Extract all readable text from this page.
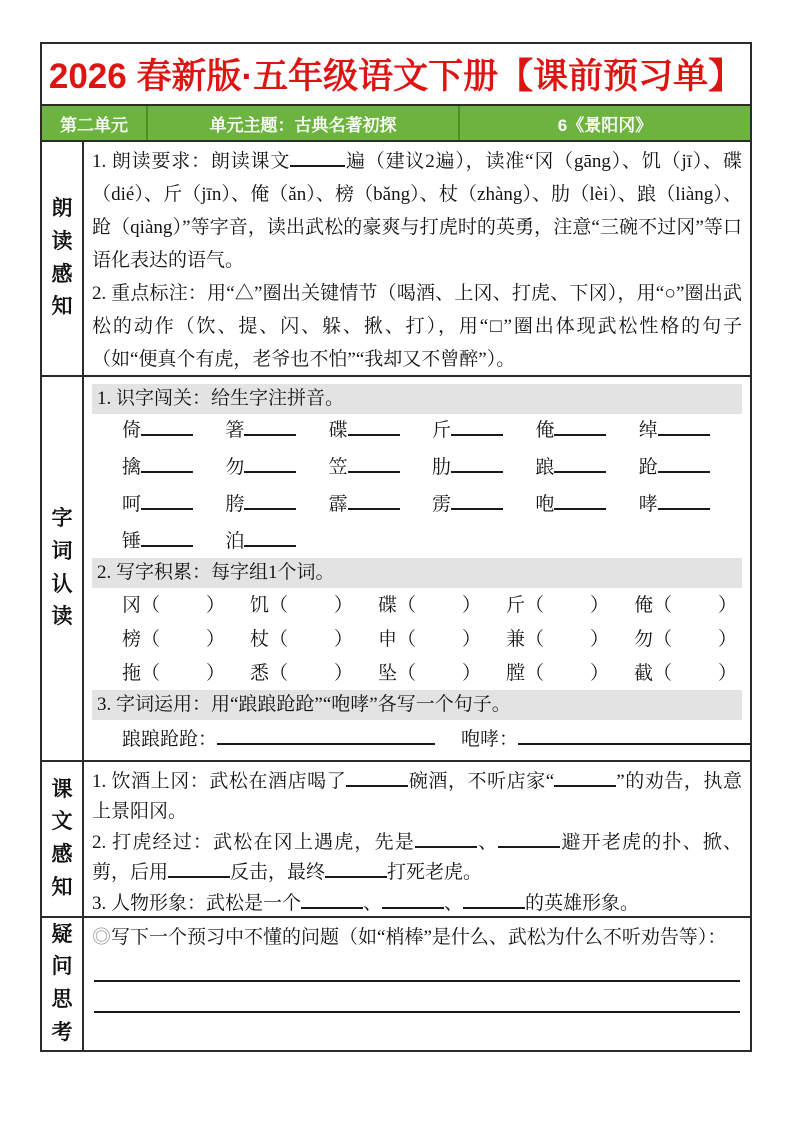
2026 春新版·五年级语文下册【课前预习单】
第二单元	单元主题：古典名著初探	6《景阳冈》
朗读感知

1. 朗读要求：朗读课文	遍（建议2遍），读准“冈（gāng）、饥（jī）、碟（dié）、斤（jīn）、俺（ǎn）、榜（bǎng）、杖（zhàng）、肋（lèi）、踉（liàng）、跄（qiàng）”等字音，读出武松的豪爽与打虎时的英勇，注意“三碗不过冈”等口语化表达的语气。

2. 重点标注：用“△”圈出关键情节（喝酒、上冈、打虎、下冈），用“○”圈出武松的动作（饮、提、闪、躲、揪、打），用“□”圈出体现武松性格的句子（如“便真个有虎，老爷也不怕”“我却又不曾醉”）。

字词认读
1. 识字闯关：给生字注拼音。
倚	箸	碟	斤	俺	绰
擒	勿	笠	肋	踉	跄
呵	胯	霹	雳	咆	哮
锤	泊
2. 写字积累：每字组1个词。
冈（ ）	饥（ ）	碟（ ）	斤（ ）	俺（ ）
榜（ ）	杖（ ）	申（ ）	兼（ ）	勿（ ）
拖（ ）	悉（ ）	坠（ ）	膛（ ）	截（ ）
3. 字词运用：用“踉踉跄跄”“咆哮”各写一个句子。
踉踉跄跄：	咆哮：
课文感知

1. 饮酒上冈：武松在酒店喝了	碗酒，不听店家“	”的劝告，执意上景阳冈。

2. 打虎经过：武松在冈上遇虎，先是	、	避开老虎的扑、掀、剪，后用	反击，最终	打死老虎。

3. 人物形象：武松是一个	、	、	的英雄形象。

疑问思考

◎写下一个预习中不懂的问题（如“梢棒”是什么、武松为什么不听劝告等）：
